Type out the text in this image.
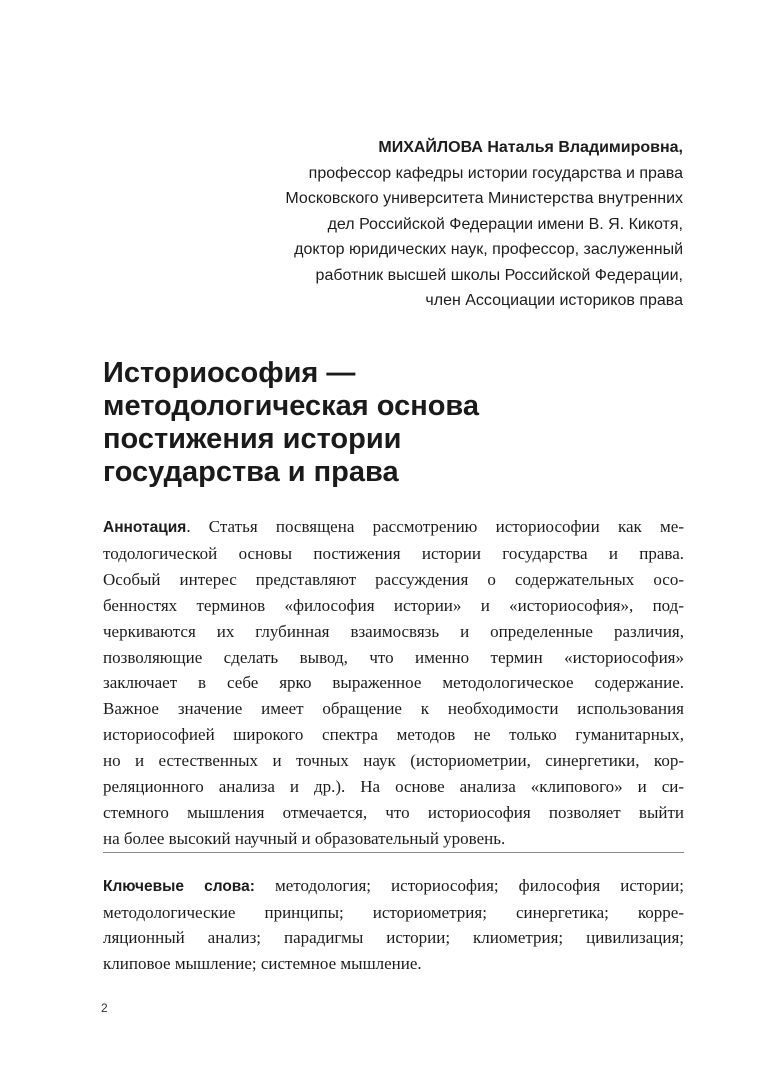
МИХАЙЛОВА Наталья Владимировна,
профессор кафедры истории государства и права
Московского университета Министерства внутренних
дел Российской Федерации имени В. Я. Кикотя,
доктор юридических наук, профессор, заслуженный
работник высшей школы Российской Федерации,
член Ассоциации историков права
Историософия —
методологическая основа
постижения истории
государства и права
Аннотация. Статья посвящена рассмотрению историософии как ме-
тодологической основы постижения истории государства и права.
Особый интерес представляют рассуждения о содержательных осо-
бенностях терминов «философия истории» и «историософия», под-
черкиваются их глубинная взаимосвязь и определенные различия,
позволяющие сделать вывод, что именно термин «историософия»
заключает в себе ярко выраженное методологическое содержание.
Важное значение имеет обращение к необходимости использования
историософией широкого спектра методов не только гуманитарных,
но и естественных и точных наук (историометрии, синергетики, кор-
реляционного анализа и др.). На основе анализа «клипового» и си-
стемного мышления отмечается, что историософия позволяет выйти
на более высокий научный и образовательный уровень.
Ключевые слова: методология; историософия; философия истории;
методологические принципы; историометрия; синергетика; корре-
ляционный анализ; парадигмы истории; клиометрия; цивилизация;
клиповое мышление; системное мышление.
2
